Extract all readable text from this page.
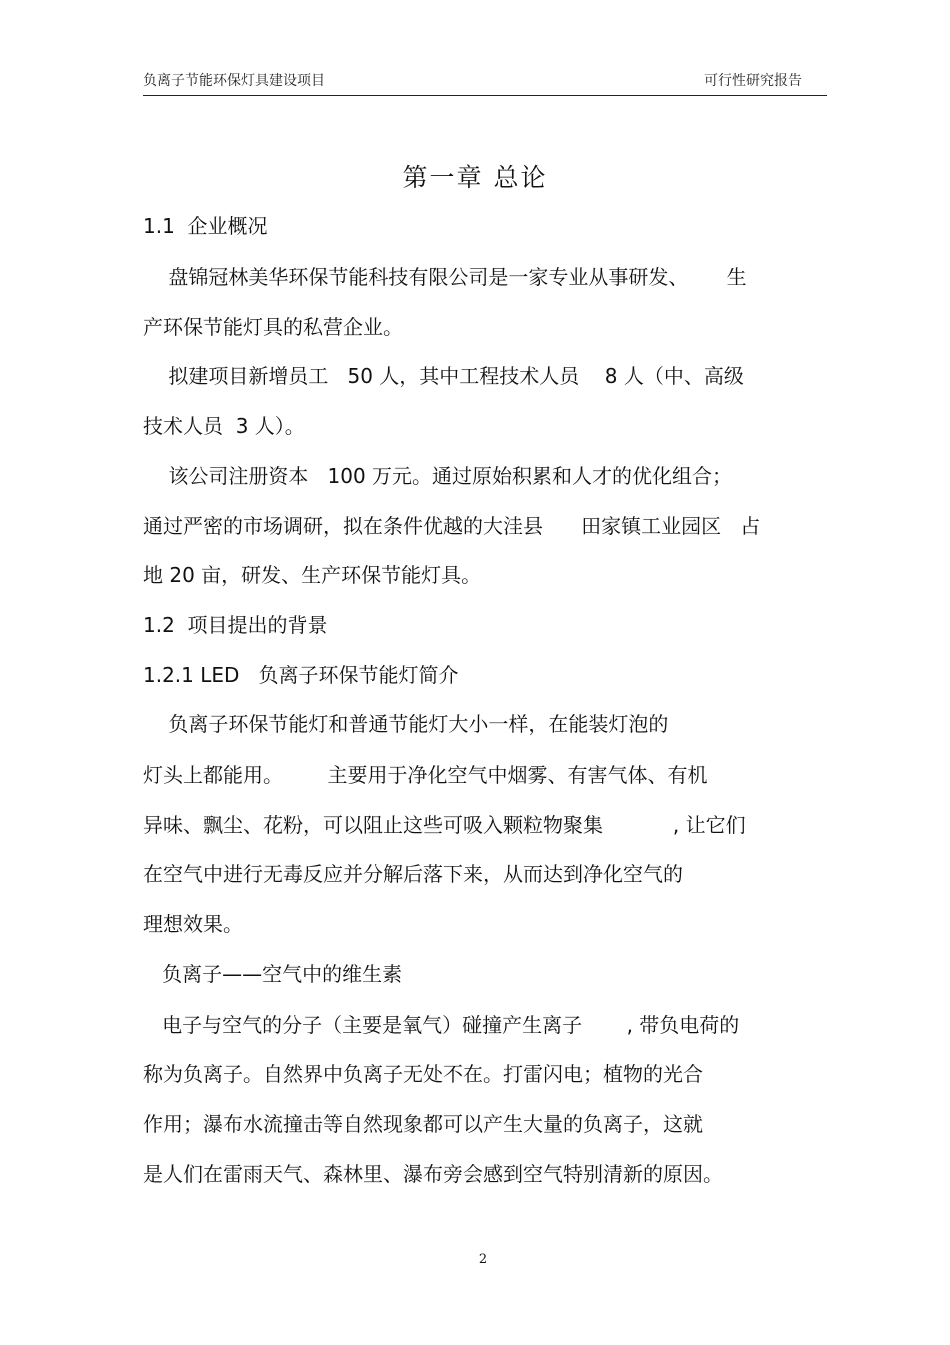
负离子节能环保灯具建设项目	可行性研究报告
第一章 总论
1.1  企业概况
盘锦冠林美华环保节能科技有限公司是一家专业从事研发、      生
产环保节能灯具的私营企业。
拟建项目新增员工   50 人，其中工程技术人员    8 人（中、高级
技术人员  3 人）。
该公司注册资本   100 万元。通过原始积累和人才的优化组合；
通过严密的市场调研，拟在条件优越的大洼县      田家镇工业园区   占
地 20 亩，研发、生产环保节能灯具。
1.2  项目提出的背景
1.2.1 LED   负离子环保节能灯简介
负离子环保节能灯和普通节能灯大小一样，在能装灯泡的
灯头上都能用。       主要用于净化空气中烟雾、有害气体、有机
异味、飘尘、花粉，可以阻止这些可吸入颗粒物聚集           , 让它们
在空气中进行无毒反应并分解后落下来，从而达到净化空气的
理想效果。
负离子——空气中的维生素
电子与空气的分子（主要是氧气）碰撞产生离子       , 带负电荷的
称为负离子。自然界中负离子无处不在。打雷闪电；植物的光合
作用；瀑布水流撞击等自然现象都可以产生大量的负离子，这就
是人们在雷雨天气、森林里、瀑布旁会感到空气特别清新的原因。
2
